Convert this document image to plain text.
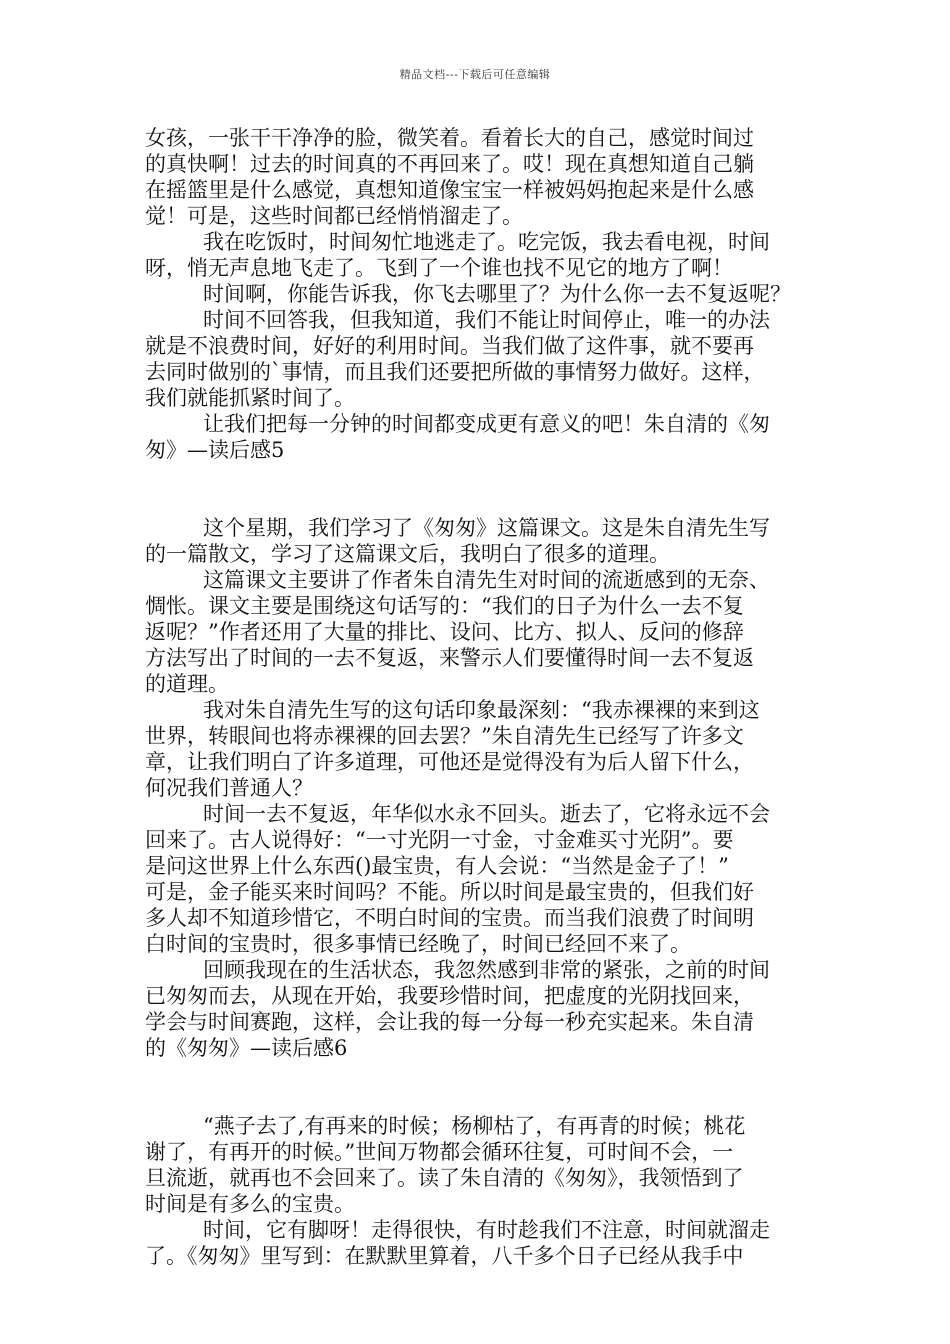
精品文档---下载后可任意编辑
女孩，一张干干净净的脸，微笑着。看着长大的自己，感觉时间过
的真快啊！过去的时间真的不再回来了。哎！现在真想知道自己躺
在摇篮里是什么感觉，真想知道像宝宝一样被妈妈抱起来是什么感
觉！可是，这些时间都已经悄悄溜走了。
我在吃饭时，时间匆忙地逃走了。吃完饭，我去看电视，时间
呀，悄无声息地飞走了。飞到了一个谁也找不见它的地方了啊！
时间啊，你能告诉我，你飞去哪里了？为什么你一去不复返呢？
时间不回答我，但我知道，我们不能让时间停止，唯一的办法
就是不浪费时间，好好的利用时间。当我们做了这件事，就不要再
去同时做别的`事情，而且我们还要把所做的事情努力做好。这样，
我们就能抓紧时间了。
让我们把每一分钟的时间都变成更有意义的吧！朱自清的《匆
匆》—读后感5
这个星期，我们学习了《匆匆》这篇课文。这是朱自清先生写
的一篇散文，学习了这篇课文后，我明白了很多的道理。
这篇课文主要讲了作者朱自清先生对时间的流逝感到的无奈、
惆怅。课文主要是围绕这句话写的：“我们的日子为什么一去不复
返呢？”作者还用了大量的排比、设问、比方、拟人、反问的修辞
方法写出了时间的一去不复返，来警示人们要懂得时间一去不复返
的道理。
我对朱自清先生写的这句话印象最深刻：“我赤裸裸的来到这
世界，转眼间也将赤裸裸的回去罢？”朱自清先生已经写了许多文
章，让我们明白了许多道理，可他还是觉得没有为后人留下什么，
何况我们普通人？
时间一去不复返，年华似水永不回头。逝去了，它将永远不会
回来了。古人说得好：“一寸光阴一寸金，寸金难买寸光阴”。要
是问这世界上什么东西()最宝贵，有人会说：“当然是金子了！”
可是，金子能买来时间吗？不能。所以时间是最宝贵的，但我们好
多人却不知道珍惜它，不明白时间的宝贵。而当我们浪费了时间明
白时间的宝贵时，很多事情已经晚了，时间已经回不来了。
回顾我现在的生活状态，我忽然感到非常的紧张，之前的时间
已匆匆而去，从现在开始，我要珍惜时间，把虚度的光阴找回来，
学会与时间赛跑，这样，会让我的每一分每一秒充实起来。朱自清
的《匆匆》—读后感6
“燕子去了,有再来的时候；杨柳枯了，有再青的时候；桃花
谢了，有再开的时候。”世间万物都会循环往复，可时间不会，一
旦流逝，就再也不会回来了。读了朱自清的《匆匆》，我领悟到了
时间是有多么的宝贵。
时间，它有脚呀！走得很快，有时趁我们不注意，时间就溜走
了。《匆匆》里写到：在默默里算着，八千多个日子已经从我手中
